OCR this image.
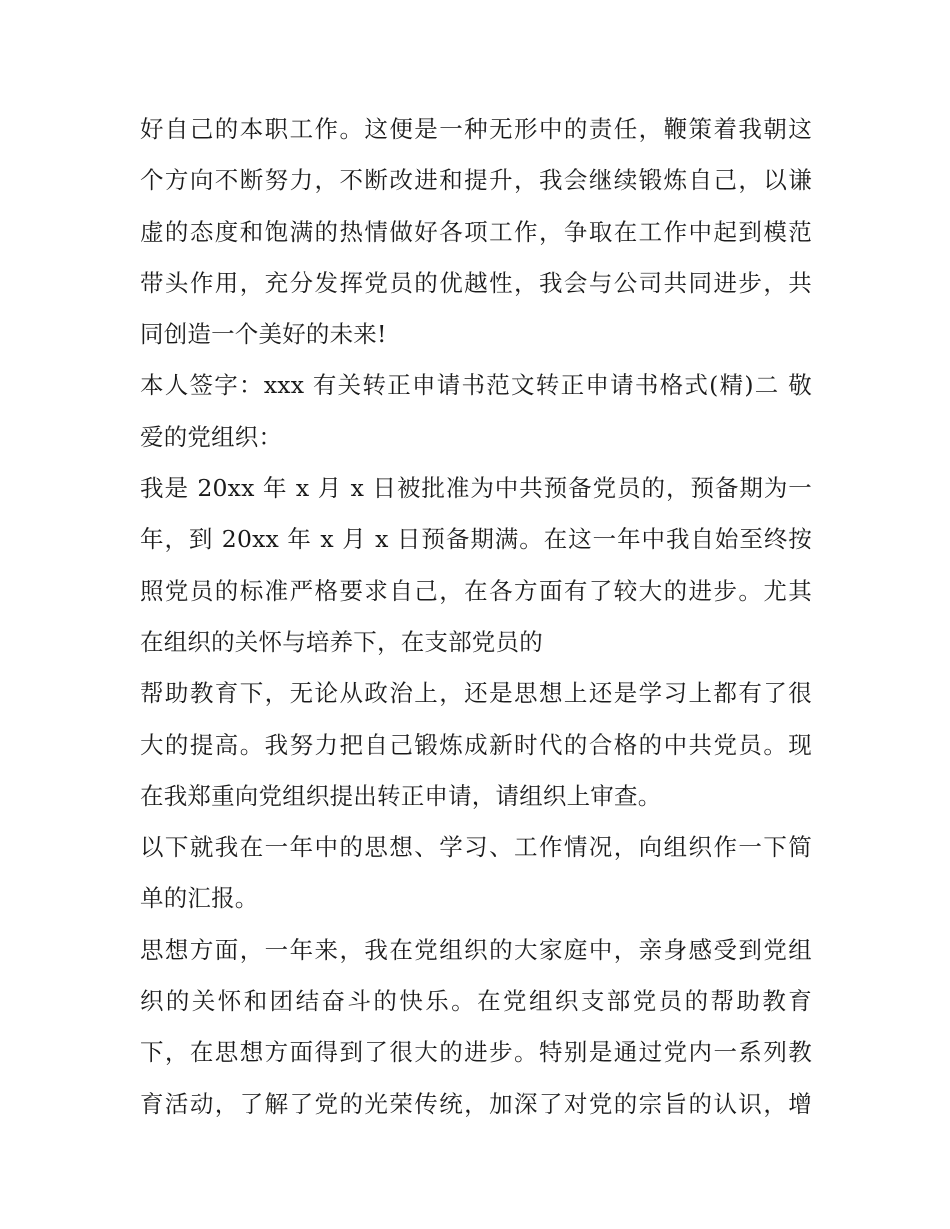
好自己的本职工作。这便是一种无形中的责任，鞭策着我朝这
个方向不断努力，不断改进和提升，我会继续锻炼自己，以谦
虚的态度和饱满的热情做好各项工作，争取在工作中起到模范
带头作用，充分发挥党员的优越性，我会与公司共同进步，共
同创造一个美好的未来!
本人签字：xxx 有关转正申请书范文转正申请书格式(精)二 敬
爱的党组织：
我是 20xx 年 x 月 x 日被批准为中共预备党员的，预备期为一
年，到 20xx 年 x 月 x 日预备期满。在这一年中我自始至终按
照党员的标准严格要求自己，在各方面有了较大的进步。尤其
在组织的关怀与培养下，在支部党员的
帮助教育下，无论从政治上，还是思想上还是学习上都有了很
大的提高。我努力把自己锻炼成新时代的合格的中共党员。现
在我郑重向党组织提出转正申请，请组织上审查。
以下就我在一年中的思想、学习、工作情况，向组织作一下简
单的汇报。
思想方面，一年来，我在党组织的大家庭中，亲身感受到党组
织的关怀和团结奋斗的快乐。在党组织支部党员的帮助教育
下，在思想方面得到了很大的进步。特别是通过党内一系列教
育活动，了解了党的光荣传统，加深了对党的宗旨的认识，增
